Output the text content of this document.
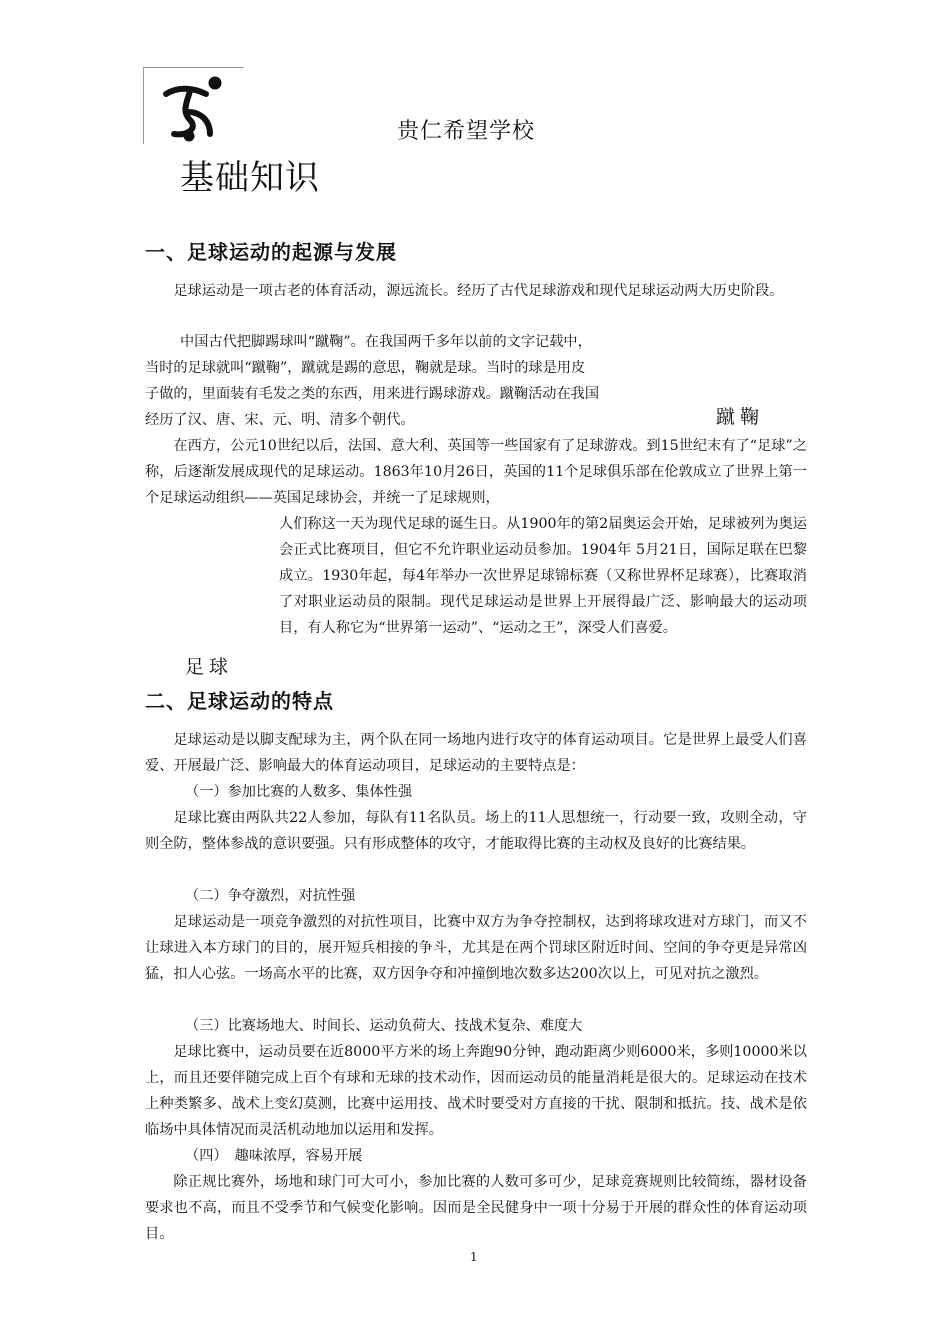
贵仁希望学校
基础知识
一、足球运动的起源与发展

足球运动是一项古老的体育活动，源远流长。经历了古代足球游戏和现代足球运动两大历史阶段。

中国古代把脚踢球叫“蹴鞠”。在我国两千多年以前的文字记载中，

当时的足球就叫“蹴鞠”，蹴就是踢的意思，鞠就是球。当时的球是用皮

子做的，里面装有毛发之类的东西，用来进行踢球游戏。蹴鞠活动在我国

经历了汉、唐、宋、元、明、清多个朝代。	蹴鞠

在西方，公元10世纪以后，法国、意大利、英国等一些国家有了足球游戏。到15世纪末有了“足球”之称，后逐渐发展成现代的足球运动。1863年10月26日，英国的11个足球俱乐部在伦敦成立了世界上第一个足球运动组织——英国足球协会，并统一了足球规则，

人们称这一天为现代足球的诞生日。从1900年的第2届奥运会开始，足球被列为奥运会正式比赛项目，但它不允许职业运动员参加。1904年 5月21日，国际足联在巴黎成立。1930年起，每4年举办一次世界足球锦标赛（又称世界杯足球赛），比赛取消了对职业运动员的限制。现代足球运动是世界上开展得最广泛、影响最大的运动项目，有人称它为“世界第一运动”、“运动之王”，深受人们喜爱。

足球
二、足球运动的特点

足球运动是以脚支配球为主，两个队在同一场地内进行攻守的体育运动项目。它是世界上最受人们喜爱、开展最广泛、影响最大的体育运动项目，足球运动的主要特点是：

（一）参加比赛的人数多、集体性强

足球比赛由两队共22人参加，每队有11名队员。场上的11人思想统一，行动要一致，攻则全动，守则全防，整体参战的意识要强。只有形成整体的攻守，才能取得比赛的主动权及良好的比赛结果。

（二）争夺激烈，对抗性强

足球运动是一项竞争激烈的对抗性项目，比赛中双方为争夺控制权，达到将球攻进对方球门，而又不让球进入本方球门的目的，展开短兵相接的争斗，尤其是在两个罚球区附近时间、空间的争夺更是异常凶猛，扣人心弦。一场高水平的比赛，双方因争夺和冲撞倒地次数多达200次以上，可见对抗之激烈。

（三）比赛场地大、时间长、运动负荷大、技战术复杂、难度大

足球比赛中，运动员要在近8000平方米的场上奔跑90分钟，跑动距离少则6000米，多则10000米以上，而且还要伴随完成上百个有球和无球的技术动作，因而运动员的能量消耗是很大的。足球运动在技术上种类繁多、战术上变幻莫测，比赛中运用技、战术时要受对方直接的干扰、限制和抵抗。技、战术是依临场中具体情况而灵活机动地加以运用和发挥。

（四）　趣味浓厚，容易开展

除正规比赛外，场地和球门可大可小，参加比赛的人数可多可少，足球竞赛规则比较简练，器材设备要求也不高，而且不受季节和气候变化影响。因而是全民健身中一项十分易于开展的群众性的体育运动项目。

1
